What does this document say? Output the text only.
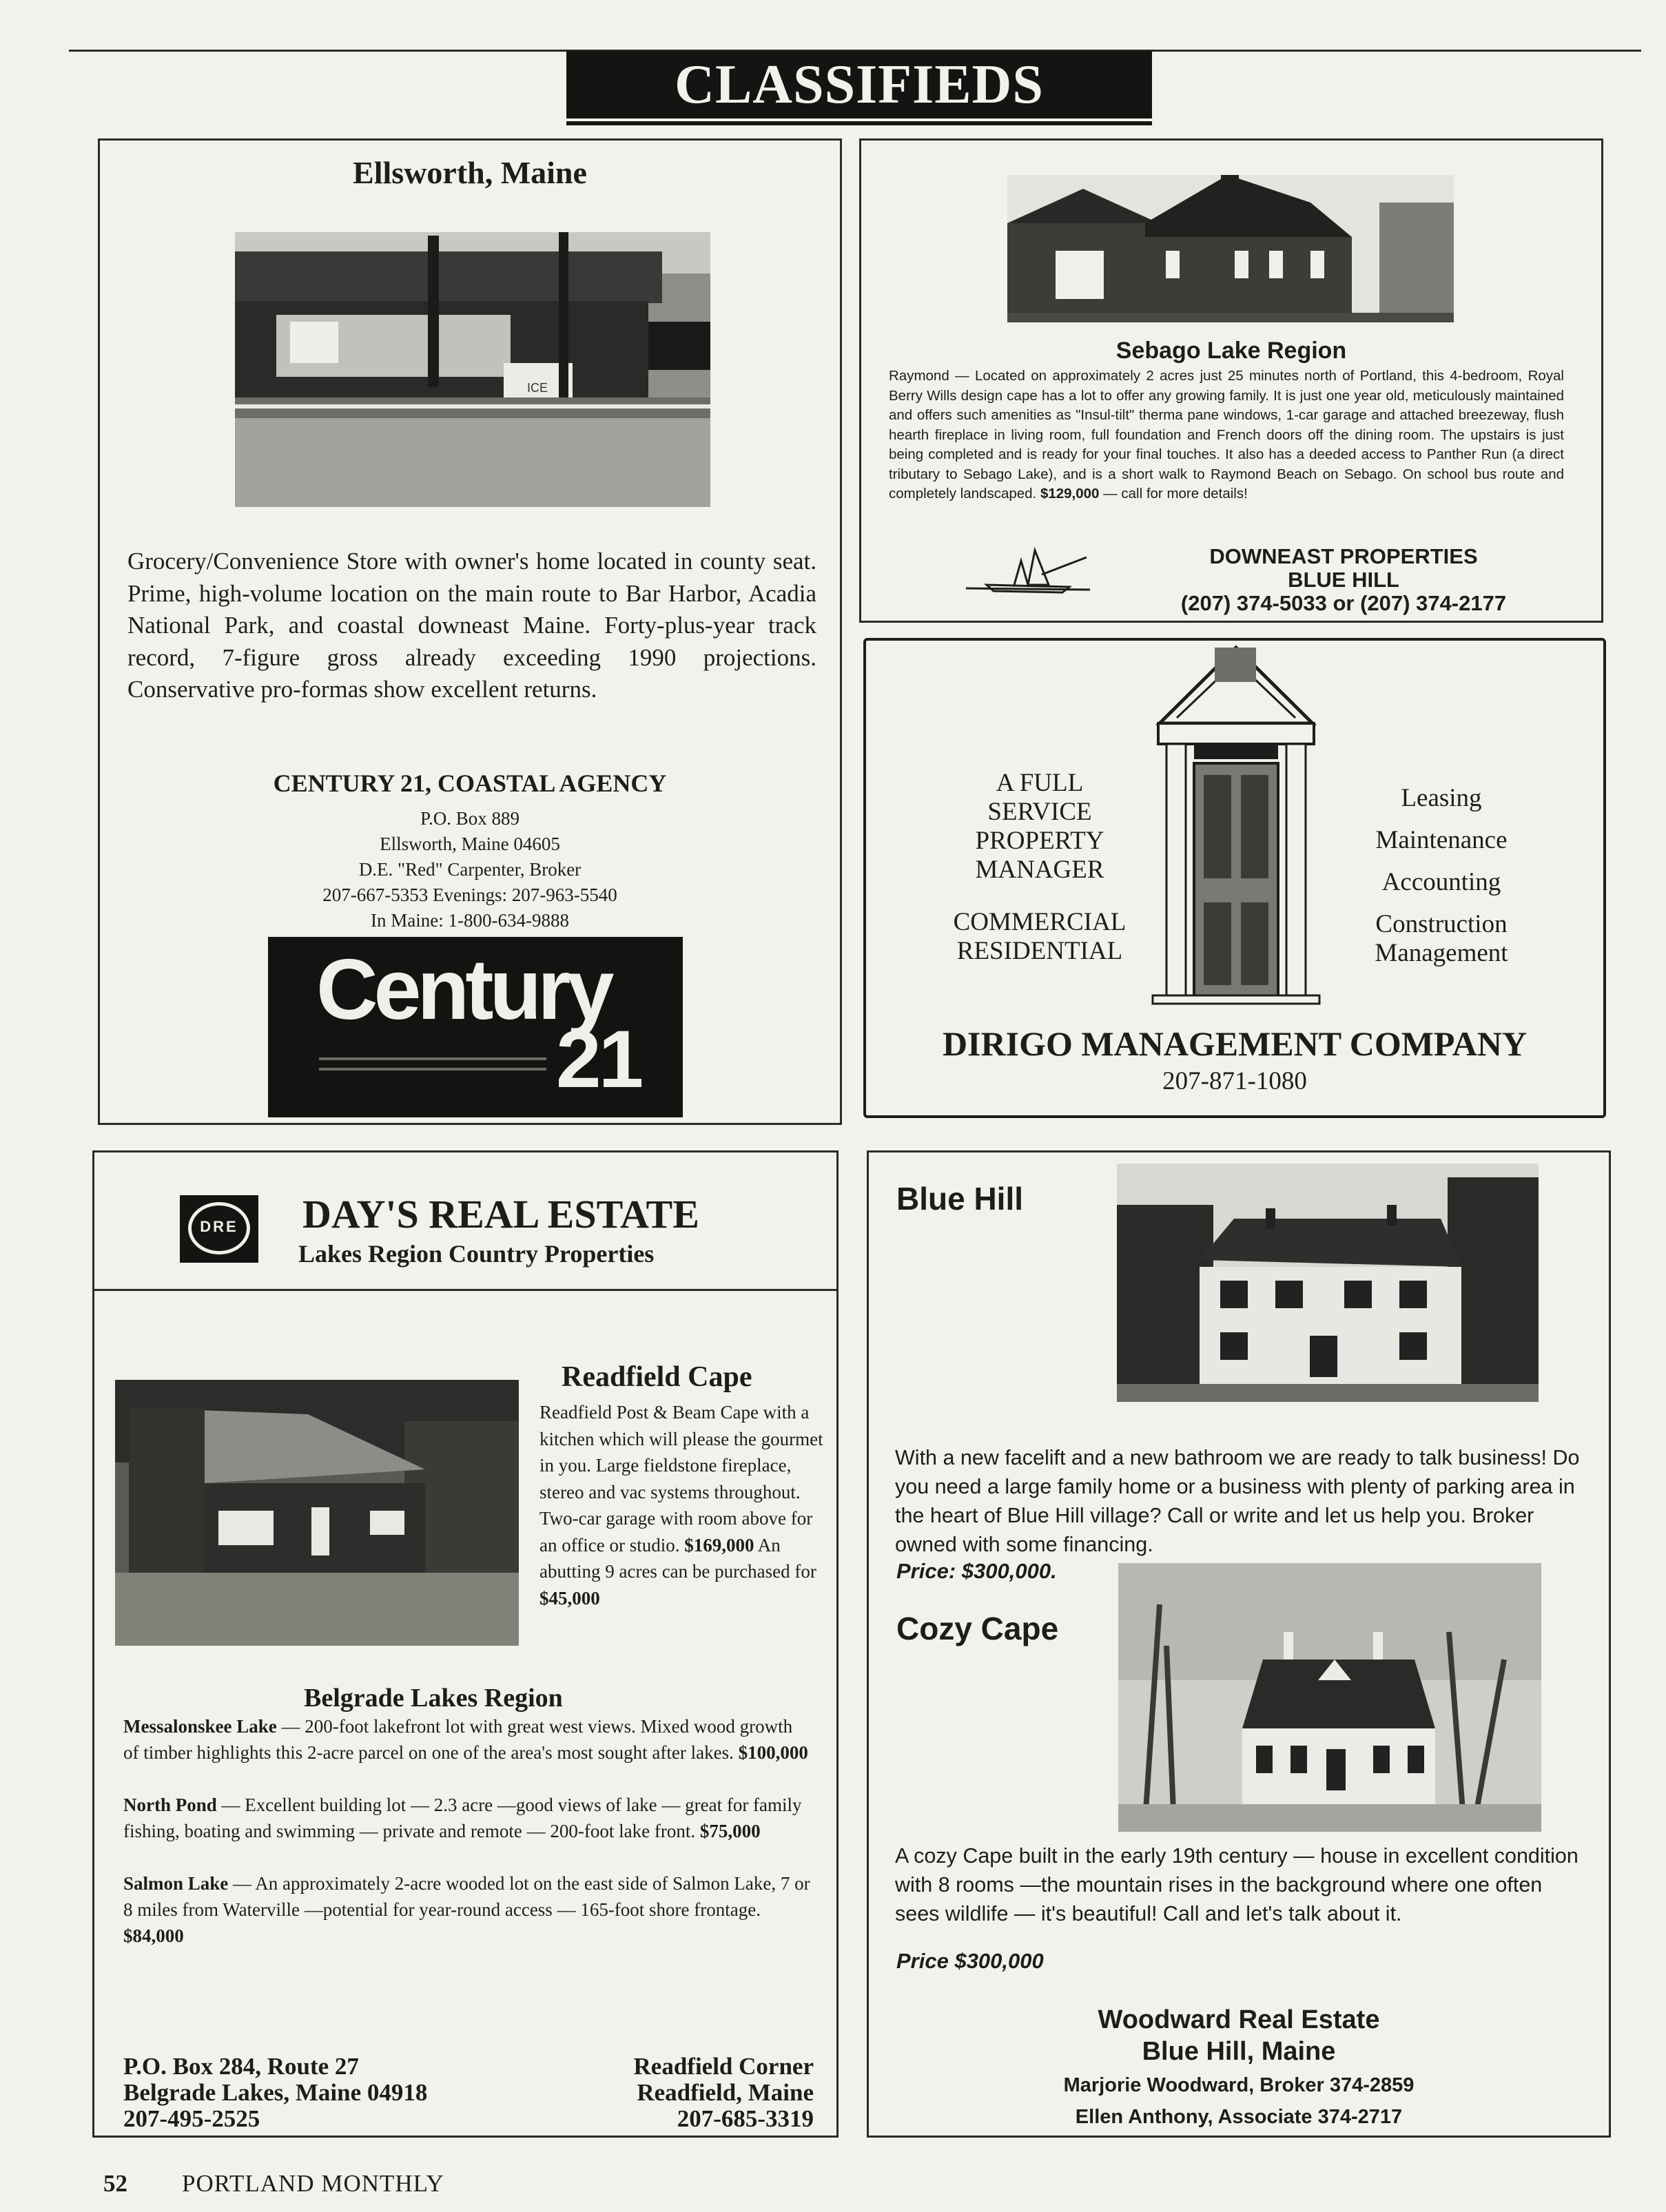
CLASSIFIEDS
Ellsworth, Maine
ICE
Grocery/Convenience Store with owner's home located in county seat. Prime, high-volume location on the main route to Bar Harbor, Acadia National Park, and coastal downeast Maine. Forty-plus-year track record, 7-figure gross already exceeding 1990 projections. Conservative pro-formas show excellent returns.
CENTURY 21, COASTAL AGENCY
P.O. Box 889
Ellsworth, Maine 04605
D.E. "Red" Carpenter, Broker
207-667-5353 Evenings: 207-963-5540
In Maine: 1-800-634-9888
Century
21
Sebago Lake Region
Raymond — Located on approximately 2 acres just 25 minutes north of Portland, this 4-bedroom, Royal Berry Wills design cape has a lot to offer any growing family. It is just one year old, meticulously maintained and offers such amenities as "Insul-tilt" therma pane windows, 1-car garage and attached breezeway, flush hearth fireplace in living room, full foundation and French doors off the dining room. The upstairs is just being completed and is ready for your final touches. It also has a deeded access to Panther Run (a direct tributary to Sebago Lake), and is a short walk to Raymond Beach on Sebago. On school bus route and completely landscaped. $129,000 — call for more details!
DOWNEAST PROPERTIES
BLUE HILL
(207) 374-5033 or (207) 374-2177
A FULL
SERVICE
PROPERTY
MANAGER
COMMERCIAL
RESIDENTIAL
Leasing
Maintenance
Accounting
Construction
Management
DIRIGO MANAGEMENT COMPANY
207-871-1080
DRE	DAY'S REAL ESTATE
Lakes Region Country Properties
Readfield Cape
Readfield Post & Beam Cape with a kitchen which will please the gourmet in you. Large fieldstone fireplace, stereo and vac systems throughout. Two-car garage with room above for an office or studio. $169,000 An abutting 9 acres can be purchased for $45,000
Belgrade Lakes Region

Messalonskee Lake — 200-foot lakefront lot with great west views. Mixed wood growth of timber highlights this 2-acre parcel on one of the area's most sought after lakes. $100,000

North Pond — Excellent building lot — 2.3 acre —good views of lake — great for family fishing, boating and swimming — private and remote — 200-foot lake front. $75,000

Salmon Lake — An approximately 2-acre wooded lot on the east side of Salmon Lake, 7 or 8 miles from Waterville —potential for year-round access — 165-foot shore frontage. $84,000

P.O. Box 284, Route 27
Belgrade Lakes, Maine 04918
207-495-2525
Readfield Corner
Readfield, Maine
207-685-3319
Blue Hill
With a new facelift and a new bathroom we are ready to talk business! Do you need a large family home or a business with plenty of parking area in the heart of Blue Hill village? Call or write and let us help you. Broker owned with some financing.
Price: $300,000.
Cozy Cape
A cozy Cape built in the early 19th century — house in excellent condition with 8 rooms —the mountain rises in the background where one often sees wildlife — it's beautiful! Call and let's talk about it.
Price $300,000
Woodward Real Estate
Blue Hill, Maine
Marjorie Woodward, Broker 374-2859
Ellen Anthony, Associate 374-2717
52 PORTLAND MONTHLY
